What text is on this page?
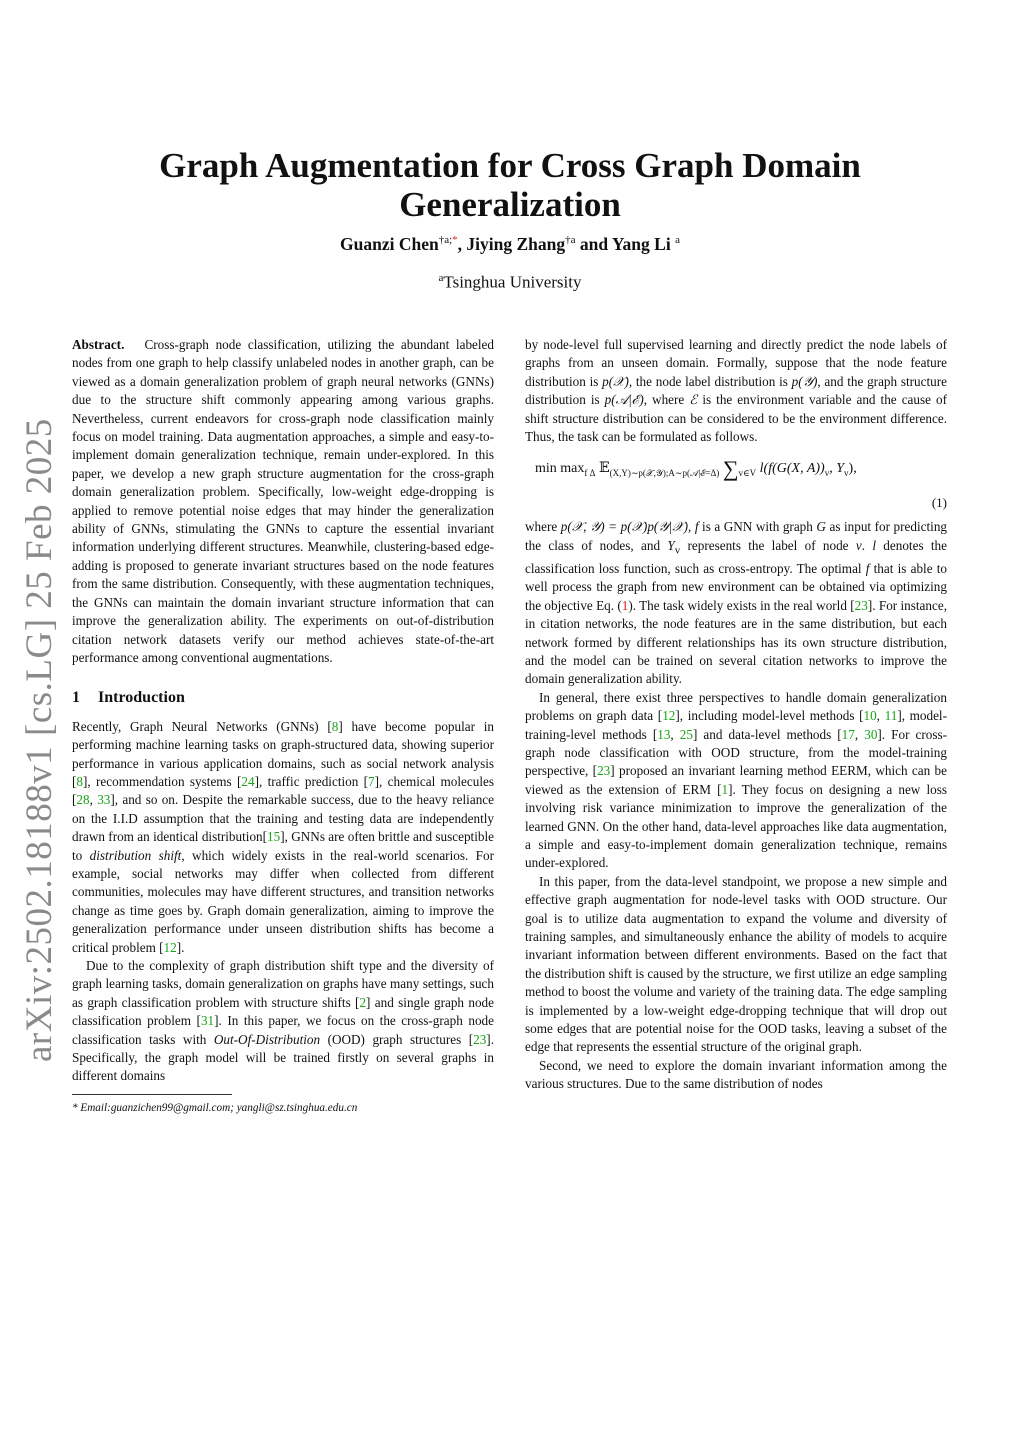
arXiv:2502.18188v1 [cs.LG] 25 Feb 2025
Graph Augmentation for Cross Graph Domain
Generalization
Guanzi Chen$^{\dagger a;*}$, Jiying Zhang$^{\dagger a}$ and Yang Li $^a$
$^a$Tsinghua University

Abstract. Cross-graph node classification, utilizing the abundant labeled nodes from one graph to help classify unlabeled nodes in another graph, can be viewed as a domain generalization problem of graph neural networks (GNNs) due to the structure shift commonly appearing among various graphs. Nevertheless, current endeavors for cross-graph node classification mainly focus on model training. Data augmentation approaches, a simple and easy-to-implement domain generalization technique, remain under-explored. In this paper, we develop a new graph structure augmentation for the cross-graph domain generalization problem. Specifically, low-weight edge-dropping is applied to remove potential noise edges that may hinder the generalization ability of GNNs, stimulating the GNNs to capture the essential invariant information underlying different structures. Meanwhile, clustering-based edge-adding is proposed to generate invariant structures based on the node features from the same distribution. Consequently, with these augmentation techniques, the GNNs can maintain the domain invariant structure information that can improve the generalization ability. The experiments on out-of-distribution citation network datasets verify our method achieves state-of-the-art performance among conventional augmentations.

1 Introduction

Recently, Graph Neural Networks (GNNs) [8] have become popular in performing machine learning tasks on graph-structured data, showing superior performance in various application domains, such as social network analysis [8], recommendation systems [24], traffic prediction [7], chemical molecules [28, 33], and so on. Despite the remarkable success, due to the heavy reliance on the I.I.D assumption that the training and testing data are independently drawn from an identical distribution[15], GNNs are often brittle and susceptible to distribution shift, which widely exists in the real-world scenarios. For example, social networks may differ when collected from different communities, molecules may have different structures, and transition networks change as time goes by. Graph domain generalization, aiming to improve the generalization performance under unseen distribution shifts has become a critical problem [12].

Due to the complexity of graph distribution shift type and the diversity of graph learning tasks, domain generalization on graphs have many settings, such as graph classification problem with structure shifts [2] and single graph node classification problem [31]. In this paper, we focus on the cross-graph node classification tasks with Out-Of-Distribution (OOD) graph structures [23]. Specifically, the graph model will be trained firstly on several graphs in different domains

* Email:guanzichen99@gmail.com; yangli@sz.tsinghua.edu.cn

by node-level full supervised learning and directly predict the node labels of graphs from an unseen domain. Formally, suppose that the node feature distribution is p(𝒳), the node label distribution is p(𝒴), and the graph structure distribution is p(𝒜|ℰ), where ℰ is the environment variable and the cause of shift structure distribution can be considered to be the environment difference. Thus, the task can be formulated as follows.

$\min \max_{f \Delta}$ 𝔼$_{(X,Y)\sim p(𝒳,𝒴);A\sim p(𝒜|ℰ=\Delta)}$ $\sum_{v\in V}$ l(f(G(X, $A))_v$, $Y_v$),
(1)

where p(𝒳, 𝒴) = p(𝒳)p(𝒴|𝒳), f is a GNN with graph G as input for predicting the class of nodes, and $Y_v$ represents the label of node v. l denotes the classification loss function, such as cross-entropy. The optimal f that is able to well process the graph from new environment can be obtained via optimizing the objective Eq. (1). The task widely exists in the real world [23]. For instance, in citation networks, the node features are in the same distribution, but each network formed by different relationships has its own structure distribution, and the model can be trained on several citation networks to improve the domain generalization ability.

In general, there exist three perspectives to handle domain generalization problems on graph data [12], including model-level methods [10, 11], model-training-level methods [13, 25] and data-level methods [17, 30]. For cross-graph node classification with OOD structure, from the model-training perspective, [23] proposed an invariant learning method EERM, which can be viewed as the extension of ERM [1]. They focus on designing a new loss involving risk variance minimization to improve the generalization of the learned GNN. On the other hand, data-level approaches like data augmentation, a simple and easy-to-implement domain generalization technique, remains under-explored.

In this paper, from the data-level standpoint, we propose a new simple and effective graph augmentation for node-level tasks with OOD structure. Our goal is to utilize data augmentation to expand the volume and diversity of training samples, and simultaneously enhance the ability of models to acquire invariant information between different environments. Based on the fact that the distribution shift is caused by the structure, we first utilize an edge sampling method to boost the volume and variety of the training data. The edge sampling is implemented by a low-weight edge-dropping technique that will drop out some edges that are potential noise for the OOD tasks, leaving a subset of the edge that represents the essential structure of the original graph.

Second, we need to explore the domain invariant information among the various structures. Due to the same distribution of nodes
